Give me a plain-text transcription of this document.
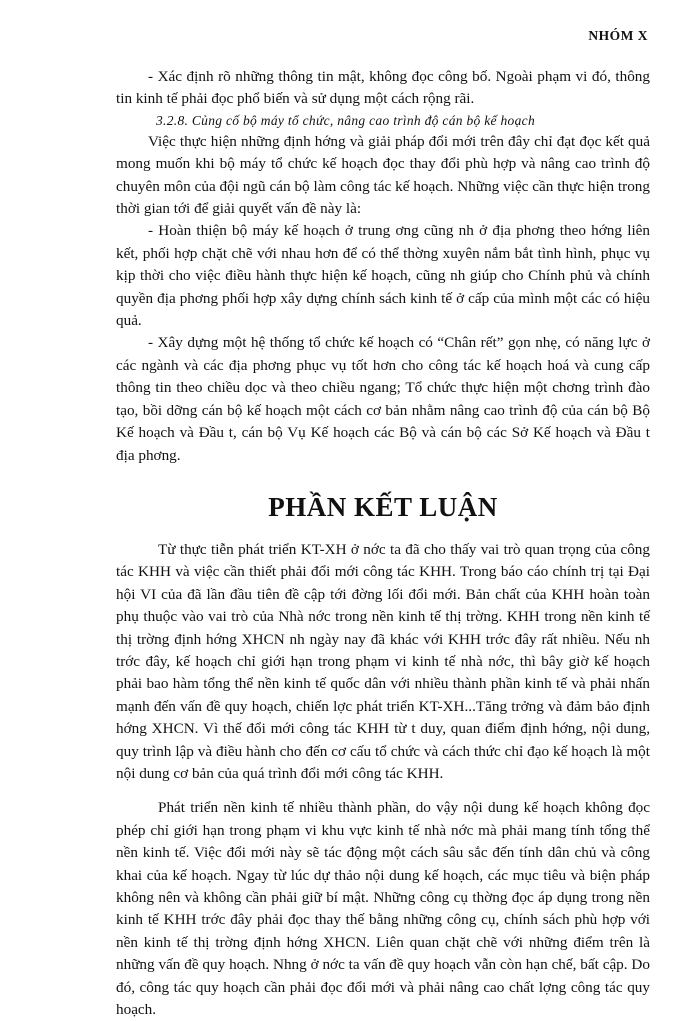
NHÓM X

- Xác định rõ những thông tin mật, không đọc công bố. Ngoài phạm vi đó, thông tin kinh tế phải đọc phổ biến và sử dụng một cách rộng rãi.

3.2.8. Củng cố bộ máy tổ chức, nâng cao trình độ cán bộ kế hoạch

Việc thực hiện những định hớng và giải pháp đổi mới trên đây chỉ đạt đọc kết quả mong muốn khi bộ máy tổ chức kế hoạch đọc thay đổi phù hợp và nâng cao trình độ chuyên môn của đội ngũ cán bộ làm công tác kế hoạch. Những việc cần thực hiện trong thời gian tới để giải quyết vấn đề này là:

- Hoàn thiện bộ máy kế hoạch ở trung ơng cũng nh ở địa phơng theo hớng liên kết, phối hợp chặt chẽ với nhau hơn để có thể thờng xuyên nắm bắt tình hình, phục vụ kịp thời cho việc điều hành thực hiện kế hoạch, cũng nh giúp cho Chính phủ và chính quyền địa phơng phối hợp xây dựng chính sách kinh tế ở cấp của mình một các có hiệu quả.

- Xây dựng một hệ thống tổ chức kế hoạch có “Chân rết” gọn nhẹ, có năng lực ở các ngành và các địa phơng phục vụ tốt hơn cho công tác kế hoạch hoá và cung cấp thông tin theo chiều dọc và theo chiều ngang; Tổ chức thực hiện một chơng trình đào tạo, bồi dỡng cán bộ kế hoạch một cách cơ bản nhằm nâng cao trình độ của cán bộ Bộ Kế hoạch và Đầu t, cán bộ Vụ Kế hoạch các Bộ và cán bộ các Sở Kế hoạch và Đầu t địa phơng.

PHẦN KẾT LUẬN

Từ thực tiễn phát triển KT-XH ở nớc ta đã cho thấy vai trò quan trọng của công tác KHH và việc cần thiết phải đổi mới công tác KHH. Trong báo cáo chính trị tại Đại hội VI của đã lần đầu tiên đề cập tới đờng lối đổi mới. Bản chất của KHH hoàn toàn phụ thuộc vào vai trò của Nhà nớc trong nền kinh tế thị trờng. KHH trong nền kinh tế thị trờng định hớng XHCN nh ngày nay đã khác với KHH trớc đây rất nhiều. Nếu nh trớc đây, kế hoạch chỉ giới hạn trong phạm vi kinh tế nhà nớc, thì bây giờ kế hoạch phải bao hàm tổng thể nền kinh tế quốc dân với nhiều thành phần kinh tế và phải nhấn mạnh đến vấn đề quy hoạch, chiến lợc phát triển KT-XH...Tăng trởng và đảm bảo định hớng XHCN. Vì thế đổi mới công tác KHH từ t duy, quan điểm định hớng, nội dung, quy trình lập và điều hành cho đến cơ cấu tổ chức và cách thức chỉ đạo kế hoạch là một nội dung cơ bản của quá trình đổi mới công tác KHH.

Phát triển nền kinh tế nhiều thành phần, do vậy nội dung kế hoạch không đọc phép chỉ giới hạn trong phạm vi khu vực kinh tế nhà nớc mà phải mang tính tổng thể nền kinh tế. Việc đổi mới này sẽ tác động một cách sâu sắc đến tính dân chủ và công khai của kế hoạch. Ngay từ lúc dự thảo nội dung kế hoạch, các mục tiêu và biện pháp không nên và không cần phải giữ bí mật. Những công cụ thờng đọc áp dụng trong nền kinh tế KHH trớc đây phải đọc thay thế bằng những công cụ, chính sách phù hợp với nền kinh tế thị trờng định hớng XHCN. Liên quan chặt chẽ với những điểm trên là những vấn đề quy hoạch. Nhng ở nớc ta vấn đề quy hoạch vẫn còn hạn chế, bất cập. Do đó, công tác quy hoạch cần phải đọc đổi mới và phải nâng cao chất lợng công tác quy hoạch.
